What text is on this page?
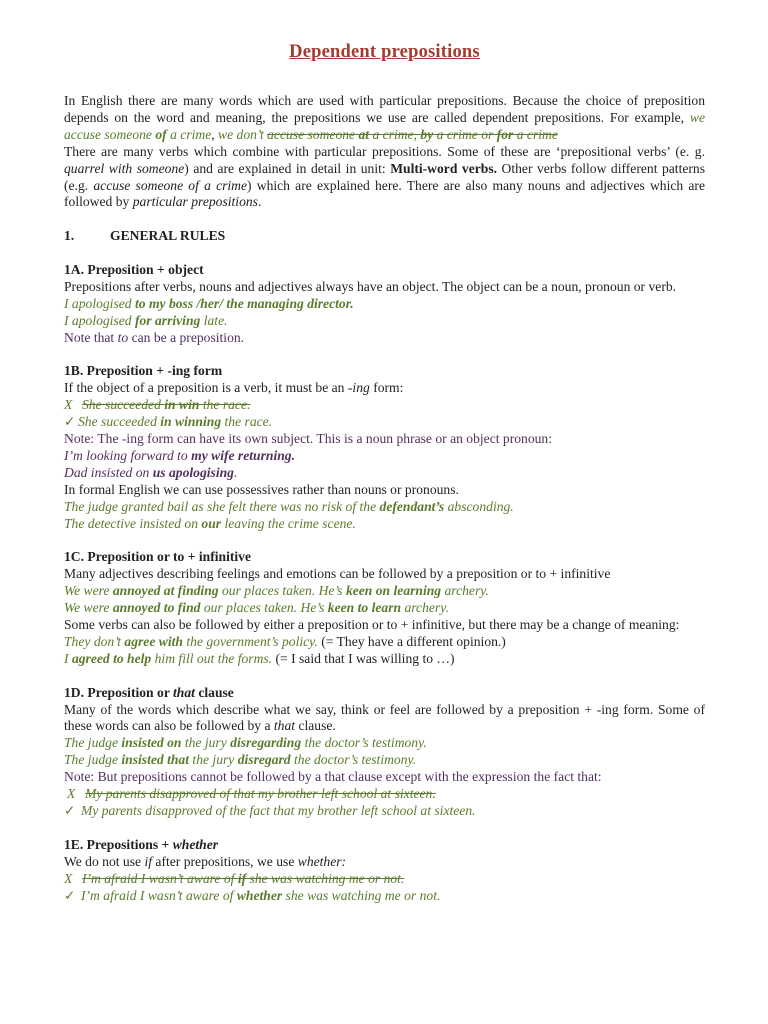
Dependent prepositions

In English there are many words which are used with particular prepositions. Because the choice of preposition depends on the word and meaning, the prepositions we use are called dependent prepositions. For example, we accuse someone of a crime, we don’t accuse someone at a crime, by a crime or for a crime

There are many verbs which combine with particular prepositions. Some of these are ‘prepositional verbs’ (e. g. quarrel with someone) and are explained in detail in unit: Multi-word verbs. Other verbs follow different patterns (e.g. accuse someone of a crime) which are explained here. There are also many nouns and adjectives which are followed by particular prepositions.

1.	GENERAL RULES

1A. Preposition + object

Prepositions after verbs, nouns and adjectives always have an object. The object can be a noun, pronoun or verb.

I apologised to my boss /her/ the managing director.

I apologised for arriving late.

Note that to can be a preposition.

1B. Preposition + -ing form

If the object of a preposition is a verb, it must be an -ing form:

X She succeeded in win the race.

✓ She succeeded in winning the race.

Note: The -ing form can have its own subject. This is a noun phrase or an object pronoun:

I’m looking forward to my wife returning.

Dad insisted on us apologising.

In formal English we can use possessives rather than nouns or pronouns.

The judge granted bail as she felt there was no risk of the defendant’s absconding.

The detective insisted on our leaving the crime scene.

1C. Preposition or to + infinitive

Many adjectives describing feelings and emotions can be followed by a preposition or to + infinitive

We were annoyed at finding our places taken. He’s keen on learning archery.

We were annoyed to find our places taken. He’s keen to learn archery.

Some verbs can also be followed by either a preposition or to + infinitive, but there may be a change of meaning:

They don’t agree with the government’s policy. (= They have a different opinion.)

I agreed to help him fill out the forms. (= I said that I was willing to …)

1D. Preposition or that clause

Many of the words which describe what we say, think or feel are followed by a preposition + -ing form. Some of these words can also be followed by a that clause.

The judge insisted on the jury disregarding the doctor’s testimony.

The judge insisted that the jury disregard the doctor’s testimony.

Note: But prepositions cannot be followed by a that clause except with the expression the fact that:

X My parents disapproved of that my brother left school at sixteen.

✓ My parents disapproved of the fact that my brother left school at sixteen.

1E. Prepositions + whether

We do not use if after prepositions, we use whether:

X I’m afraid I wasn’t aware of if she was watching me or not.

✓ I’m afraid I wasn’t aware of whether she was watching me or not.
